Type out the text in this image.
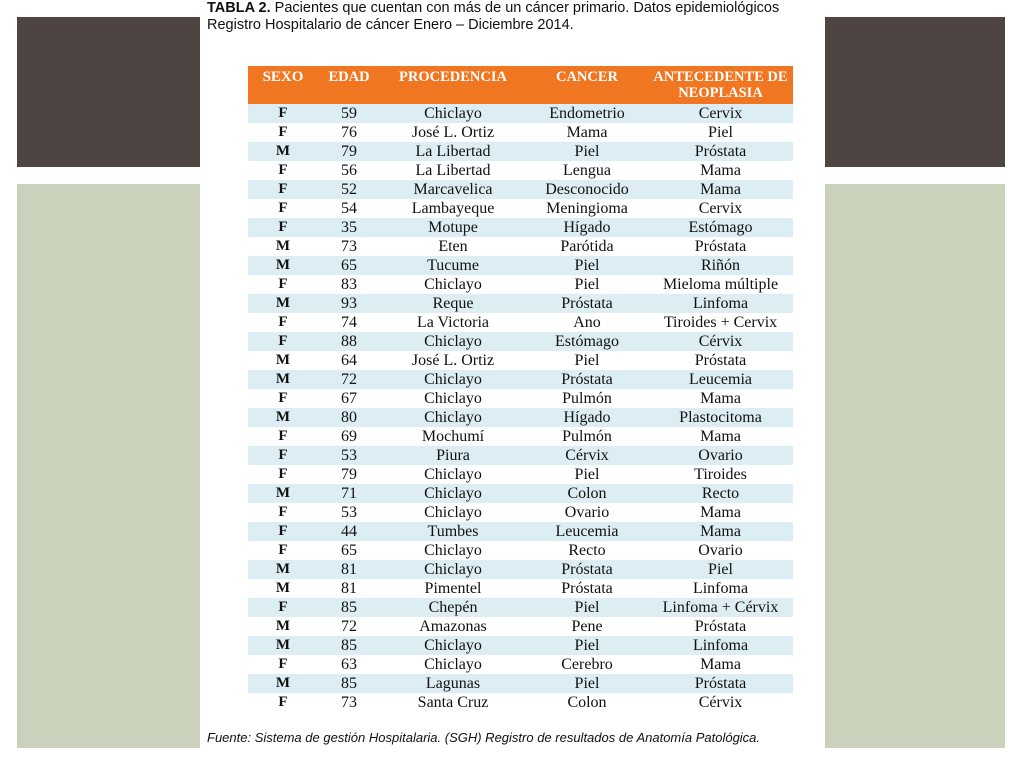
TABLA 2. Pacientes que cuentan con más de un cáncer primario. Datos epidemiológicos
Registro Hospitalario de cáncer Enero – Diciembre 2014.
SEXO	EDAD	PROCEDENCIA	CANCER	ANTECEDENTE DE NEOPLASIA
F	59	Chiclayo	Endometrio	Cervix
F	76	José L. Ortiz	Mama	Piel
M	79	La Libertad	Piel	Próstata
F	56	La Libertad	Lengua	Mama
F	52	Marcavelica	Desconocido	Mama
F	54	Lambayeque	Meningioma	Cervix
F	35	Motupe	Hígado	Estómago
M	73	Eten	Parótida	Próstata
M	65	Tucume	Piel	Riñón
F	83	Chiclayo	Piel	Mieloma múltiple
M	93	Reque	Próstata	Linfoma
F	74	La Victoria	Ano	Tiroides + Cervix
F	88	Chiclayo	Estómago	Cérvix
M	64	José L. Ortiz	Piel	Próstata
M	72	Chiclayo	Próstata	Leucemia
F	67	Chiclayo	Pulmón	Mama
M	80	Chiclayo	Hígado	Plastocitoma
F	69	Mochumí	Pulmón	Mama
F	53	Piura	Cérvix	Ovario
F	79	Chiclayo	Piel	Tiroides
M	71	Chiclayo	Colon	Recto
F	53	Chiclayo	Ovario	Mama
F	44	Tumbes	Leucemia	Mama
F	65	Chiclayo	Recto	Ovario
M	81	Chiclayo	Próstata	Piel
M	81	Pimentel	Próstata	Linfoma
F	85	Chepén	Piel	Linfoma + Cérvix
M	72	Amazonas	Pene	Próstata
M	85	Chiclayo	Piel	Linfoma
F	63	Chiclayo	Cerebro	Mama
M	85	Lagunas	Piel	Próstata
F	73	Santa Cruz	Colon	Cérvix
Fuente: Sistema de gestión Hospitalaria. (SGH) Registro de resultados de Anatomía Patológica.
